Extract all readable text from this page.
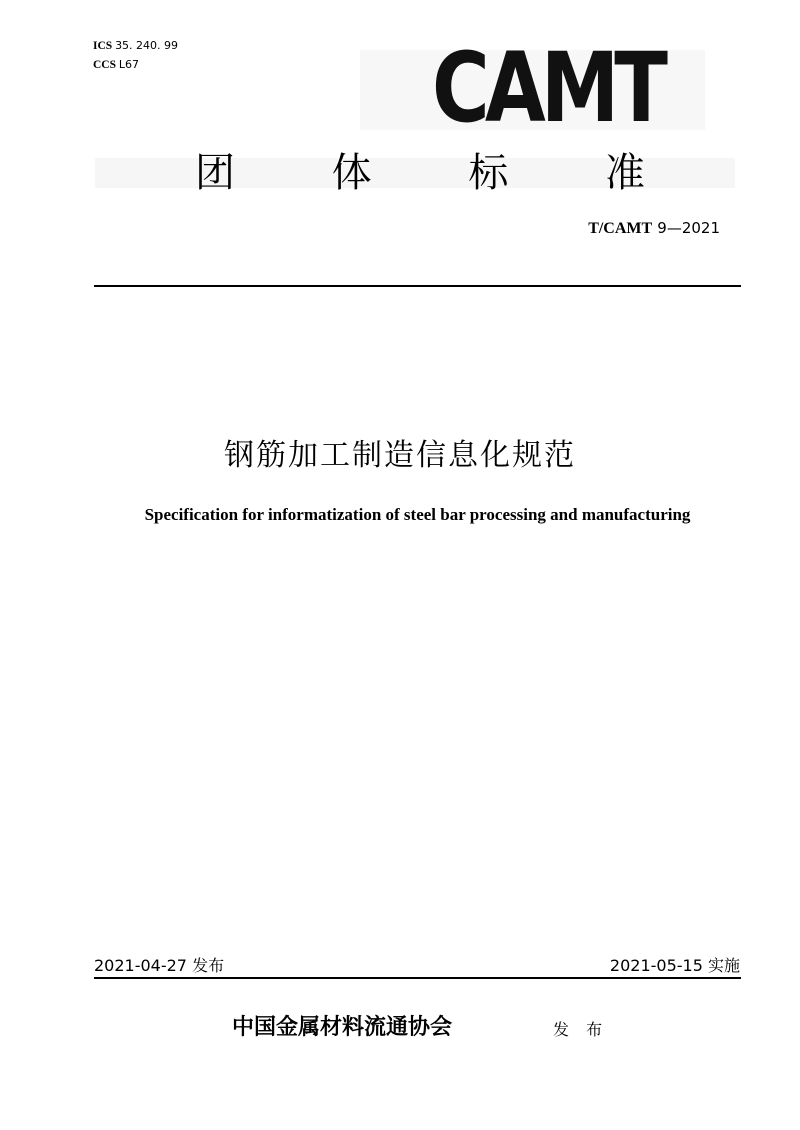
ICS 35. 240. 99
CCS L67	CAMT
团 体 标 准
T/CAMT 9—2021
钢筋加工制造信息化规范
Specification for informatization of steel bar processing and manufacturing
2021-04-27 发布	2021-05-15 实施
中国金属材料流通协会	发 布
